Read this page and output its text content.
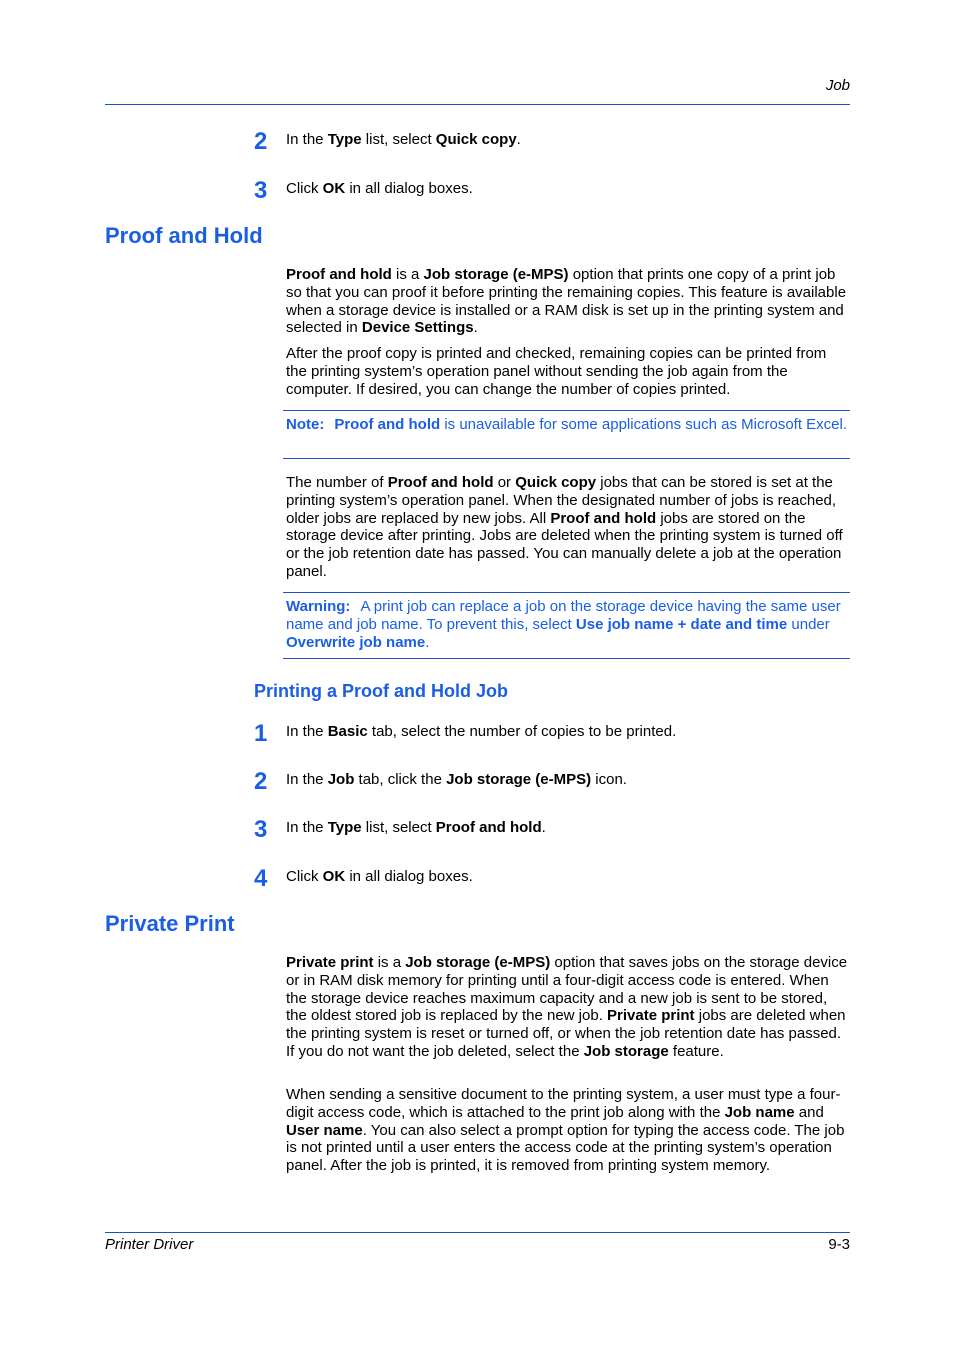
Job
2 In the Type list, select Quick copy.
3 Click OK in all dialog boxes.
Proof and Hold
Proof and hold is a Job storage (e-MPS) option that prints one copy of a print job so that you can proof it before printing the remaining copies. This feature is available when a storage device is installed or a RAM disk is set up in the printing system and selected in Device Settings.
After the proof copy is printed and checked, remaining copies can be printed from the printing system’s operation panel without sending the job again from the computer. If desired, you can change the number of copies printed.
Note: Proof and hold is unavailable for some applications such as Microsoft Excel.
The number of Proof and hold or Quick copy jobs that can be stored is set at the printing system’s operation panel. When the designated number of jobs is reached, older jobs are replaced by new jobs. All Proof and hold jobs are stored on the storage device after printing. Jobs are deleted when the printing system is turned off or the job retention date has passed. You can manually delete a job at the operation panel.
Warning: A print job can replace a job on the storage device having the same user name and job name. To prevent this, select Use job name + date and time under Overwrite job name.
Printing a Proof and Hold Job
1 In the Basic tab, select the number of copies to be printed.
2 In the Job tab, click the Job storage (e-MPS) icon.
3 In the Type list, select Proof and hold.
4 Click OK in all dialog boxes.
Private Print
Private print is a Job storage (e-MPS) option that saves jobs on the storage device or in RAM disk memory for printing until a four-digit access code is entered. When the storage device reaches maximum capacity and a new job is sent to be stored, the oldest stored job is replaced by the new job. Private print jobs are deleted when the printing system is reset or turned off, or when the job retention date has passed. If you do not want the job deleted, select the Job storage feature.
When sending a sensitive document to the printing system, a user must type a four-digit access code, which is attached to the print job along with the Job name and User name. You can also select a prompt option for typing the access code. The job is not printed until a user enters the access code at the printing system’s operation panel. After the job is printed, it is removed from printing system memory.
Printer Driver	9-3
